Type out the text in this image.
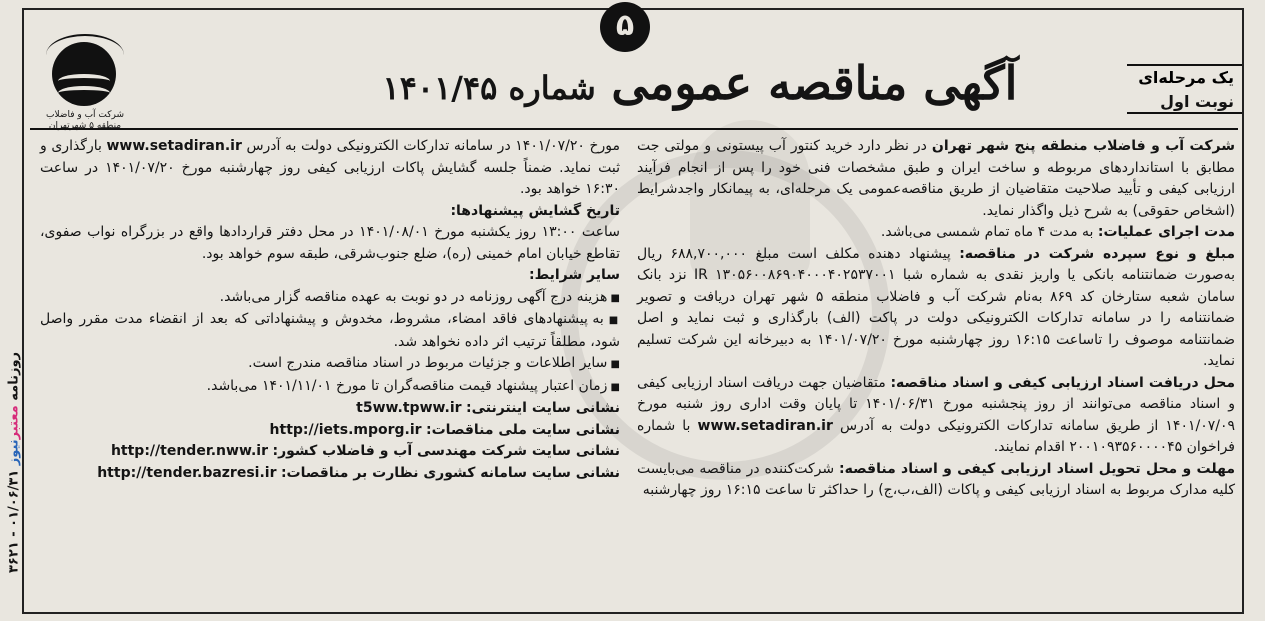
شرکت آب و فاضلاب منطقه ۵ شهرتهران
۵
آگهی مناقصه عمومی شماره ۱۴۰۱/۴۵	یک مرحله‌ای
نوبت اول

شرکت آب و فاضلاب منطقه پنج شهر تهران در نظر دارد خرید کنتور آب پیستونی و مولتی جت مطابق با استانداردهای مربوطه و ساخت ایران و طبق مشخصات فنی خود را پس از انجام فرآیند ارزیابی کیفی و تأیید صلاحیت متقاضیان از طریق مناقصه‌عمومی یک مرحله‌ای، به پیمانکار واجدشرایط (اشخاص حقوقی) به شرح ذیل واگذار نماید.

مدت اجرای عملیات: به مدت ۴ ماه تمام شمسی می‌باشد.

مبلغ و نوع سپرده شرکت در مناقصه: پیشنهاد دهنده مکلف است مبلغ ۶۸۸,۷۰۰,۰۰۰ ریال به‌صورت ضمانتنامه بانکی یا واریز نقدی به شماره شبا IR ۱۳۰۵۶۰۰۸۶۹۰۴۰۰۰۴۰۲۵۳۷۰۰۱ نزد بانک سامان شعبه ستارخان کد ۸۶۹ به‌نام شرکت آب و فاضلاب منطقه ۵ شهر تهران دریافت و تصویر ضمانتنامه را در سامانه تدارکات الکترونیکی دولت در پاکت (الف) بارگذاری و ثبت نماید و اصل ضمانتنامه موصوف را تاساعت ۱۶:۱۵ روز چهارشنبه مورخ ۱۴۰۱/۰۷/۲۰ به دبیرخانه این شرکت تسلیم نماید.

محل دریافت اسناد ارزیابی کیفی و اسناد مناقصه: متقاضیان جهت دریافت اسناد ارزیابی کیفی و اسناد مناقصه می‌توانند از روز پنجشنبه مورخ ۱۴۰۱/۰۶/۳۱ تا پایان وقت اداری روز شنبه مورخ ۱۴۰۱/۰۷/۰۹ از طریق سامانه تدارکات الکترونیکی دولت به آدرس www.setadiran.ir با شماره فراخوان ۲۰۰۱۰۹۳۵۶۰۰۰۰۴۵ اقدام نمایند.

مهلت و محل تحویل اسناد ارزیابی کیفی و اسناد مناقصه: شرکت‌کننده در مناقصه می‌بایست کلیه مدارک مربوط به اسناد ارزیابی کیفی و پاکات (الف،ب،ج) را حداکثر تا ساعت ۱۶:۱۵ روز چهارشنبه

مورخ ۱۴۰۱/۰۷/۲۰ در سامانه تدارکات الکترونیکی دولت به آدرس www.setadiran.ir بارگذاری و ثبت نماید. ضمناً جلسه گشایش پاکات ارزیابی کیفی روز چهارشنبه مورخ ۱۴۰۱/۰۷/۲۰ در ساعت ۱۶:۳۰ خواهد بود.

تاریخ گشایش پیشنهادها:

ساعت ۱۳:۰۰ روز یکشنبه مورخ ۱۴۰۱/۰۸/۰۱ در محل دفتر قراردادها واقع در بزرگراه نواب صفوی، تقاطع خیابان امام خمینی (ره)، ضلع جنوب‌شرقی، طبقه سوم خواهد بود.

سایر شرایط:

■ هزینه درج آگهی روزنامه در دو نوبت به عهده مناقصه گزار می‌باشد.

■ به پیشنهادهای فاقد امضاء، مشروط، مخدوش و پیشنهاداتی که بعد از انقضاء مدت مقرر واصل شود، مطلقاً ترتیب اثر داده نخواهد شد.

■ سایر اطلاعات و جزئیات مربوط در اسناد مناقصه مندرج است.

■ زمان اعتبار پیشنهاد قیمت مناقصه‌گران تا مورخ ۱۴۰۱/۱۱/۰۱ می‌باشد.

نشانی سایت اینترنتی: t5ww.tpww.ir

نشانی سایت ملی مناقصات: http://iets.mporg.ir

نشانی سایت شرکت مهندسی آب و فاضلاب کشور: http://tender.nww.ir

نشانی سایت سامانه کشوری نظارت بر مناقصات: http://tender.bazresi.ir

روزنامه معتبرنیوز ۰۱/۰۶/۳۱ - ۳۶۲۱
